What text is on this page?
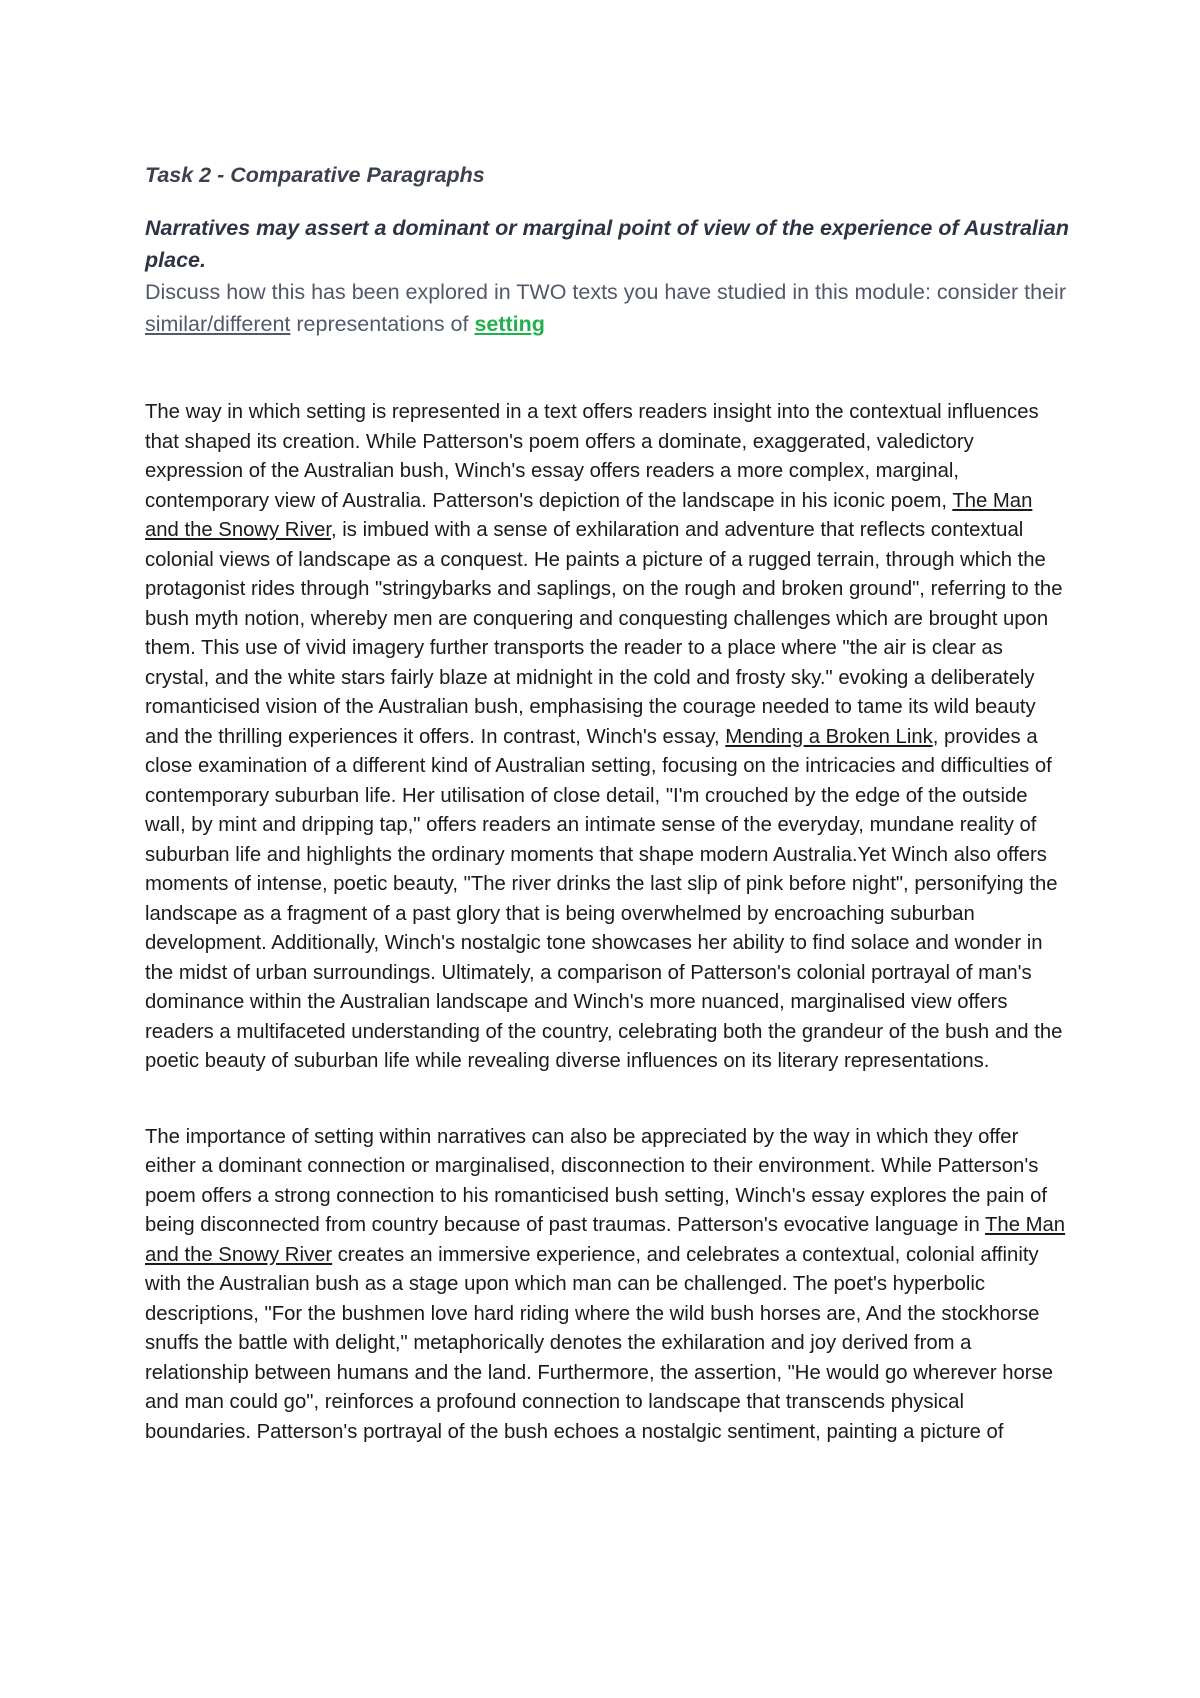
Task 2 - Comparative Paragraphs

Narratives may assert a dominant or marginal point of view of the experience of Australian place.

Discuss how this has been explored in TWO texts you have studied in this module: consider their similar/different representations of setting

The way in which setting is represented in a text offers readers insight into the contextual influences that shaped its creation. While Patterson's poem offers a dominate, exaggerated, valedictory expression of the Australian bush, Winch's essay offers readers a more complex, marginal, contemporary view of Australia. Patterson's depiction of the landscape in his iconic poem, The Man and the Snowy River, is imbued with a sense of exhilaration and adventure that reflects contextual colonial views of landscape as a conquest. He paints a picture of a rugged terrain, through which the protagonist rides through "stringybarks and saplings, on the rough and broken ground", referring to the bush myth notion, whereby men are conquering and conquesting challenges which are brought upon them. This use of vivid imagery further transports the reader to a place where "the air is clear as crystal, and the white stars fairly blaze at midnight in the cold and frosty sky." evoking a deliberately romanticised vision of the Australian bush, emphasising the courage needed to tame its wild beauty and the thrilling experiences it offers. In contrast, Winch's essay, Mending a Broken Link, provides a close examination of a different kind of Australian setting, focusing on the intricacies and difficulties of contemporary suburban life. Her utilisation of close detail, "I'm crouched by the edge of the outside wall, by mint and dripping tap," offers readers an intimate sense of the everyday, mundane reality of suburban life and highlights the ordinary moments that shape modern Australia.Yet Winch also offers moments of intense, poetic beauty, "The river drinks the last slip of pink before night", personifying the landscape as a fragment of a past glory that is being overwhelmed by encroaching suburban development. Additionally, Winch's nostalgic tone showcases her ability to find solace and wonder in the midst of urban surroundings. Ultimately, a comparison of Patterson's colonial portrayal of man's dominance within the Australian landscape and Winch's more nuanced, marginalised view offers readers a multifaceted understanding of the country, celebrating both the grandeur of the bush and the poetic beauty of suburban life while revealing diverse influences on its literary representations.

The importance of setting within narratives can also be appreciated by the way in which they offer either a dominant connection or marginalised, disconnection to their environment. While Patterson's poem offers a strong connection to his romanticised bush setting, Winch's essay explores the pain of being disconnected from country because of past traumas. Patterson's evocative language in The Man and the Snowy River creates an immersive experience, and celebrates a contextual, colonial affinity with the Australian bush as a stage upon which man can be challenged. The poet's hyperbolic descriptions, "For the bushmen love hard riding where the wild bush horses are, And the stockhorse snuffs the battle with delight," metaphorically denotes the exhilaration and joy derived from a relationship between humans and the land. Furthermore, the assertion, "He would go wherever horse and man could go", reinforces a profound connection to landscape that transcends physical boundaries. Patterson's portrayal of the bush echoes a nostalgic sentiment, painting a picture of
